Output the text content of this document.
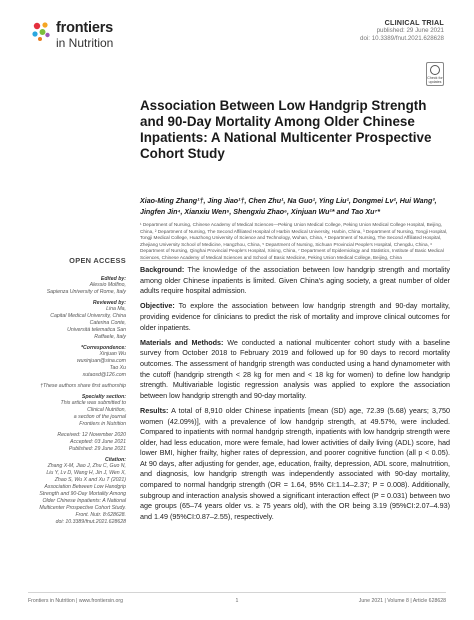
frontiers
in Nutrition
CLINICAL TRIAL
published: 29 June 2021
doi: 10.3389/fnut.2021.628628
Check for updates
Association Between Low Handgrip Strength and 90-Day Mortality Among Older Chinese Inpatients: A National Multicenter Prospective Cohort Study
Xiao-Ming Zhang¹†, Jing Jiao¹†, Chen Zhu¹, Na Guo¹, Ying Liu¹, Dongmei Lv², Hui Wang³, Jingfen Jin⁴, Xianxiu Wen⁵, Shengxiu Zhao⁶, Xinjuan Wu¹* and Tao Xu⁷*
¹ Department of Nursing, Chinese Academy of Medical Sciences—Peking Union Medical College, Peking Union Medical College Hospital, Beijing, China, ² Department of Nursing, The Second Affiliated Hospital of Harbin Medical University, Harbin, China, ³ Department of Nursing, Tongji Hospital, Tongji Medical College, Huazhong University of Science and Technology, Wuhan, China, ⁴ Department of Nursing, The Second Affiliated Hospital, Zhejiang University School of Medicine, Hangzhou, China, ⁵ Department of Nursing, Sichuan Provincial People's Hospital, Chengdu, China, ⁶ Department of Nursing, Qinghai Provincial People's Hospital, Xining, China, ⁷ Department of Epidemiology and Statistics, Institute of Basic Medical Sciences, Chinese Academy of Medical Sciences and School of Basic Medicine, Peking Union Medical College, Beijing, China

Background: The knowledge of the association between low handgrip strength and mortality among older Chinese inpatients is limited. Given China's aging society, a great number of older adults require hospital admission.

Objective: To explore the association between low handgrip strength and 90-day mortality, providing evidence for clinicians to predict the risk of mortality and improve clinical outcomes for older inpatients.

Materials and Methods: We conducted a national multicenter cohort study with a baseline survey from October 2018 to February 2019 and followed up for 90 days to record mortality outcomes. The assessment of handgrip strength was conducted using a hand dynamometer with the cutoff (handgrip strength < 28 kg for men and < 18 kg for women) to define low handgrip strength. Multivariable logistic regression analysis was applied to explore the association between low handgrip strength and 90-day mortality.

Results: A total of 8,910 older Chinese inpatients [mean (SD) age, 72.39 (5.68) years; 3,750 women (42.09%)], with a prevalence of low handgrip strength, at 49.57%, were included. Compared to inpatients with normal handgrip strength, inpatients with low handgrip strength were older, had less education, more were female, had lower activities of daily living (ADL) score, had lower BMI, higher frailty, higher rates of depression, and poorer cognitive function (all p < 0.05). At 90 days, after adjusting for gender, age, education, frailty, depression, ADL score, malnutrition, and diagnosis, low handgrip strength was independently associated with 90-day mortality, compared to normal handgrip strength (OR = 1.64, 95% CI:1.14–2.37; P = 0.008). Additionally, subgroup and interaction analysis showed a significant interaction effect (P = 0.031) between two age groups (65–74 years older vs. ≥ 75 years old), with the OR being 3.19 (95%CI:2.07–4.93) and 1.49 (95%CI:0.87–2.55), respectively.

OPEN ACCESS
Edited by:
Alessio Molfino,
Sapienza University of Rome, Italy
Reviewed by:
Lina Ma,
Capital Medical University, China
Caterina Conte,
Università telematica San
Raffaele, Italy
*Correspondence:
Xinjuan Wu
wuxinjuan@sina.com
Tao Xu
xutaosd@126.com
†These authors share first authorship
Specialty section:
This article was submitted to
Clinical Nutrition,
a section of the journal
Frontiers in Nutrition
Received: 12 November 2020
Accepted: 03 June 2021
Published: 29 June 2021
Citation:
Zhang X-M, Jiao J, Zhu C, Guo N,
Liu Y, Lv D, Wang H, Jin J, Wen X,
Zhao S, Wu X and Xu T (2021)
Association Between Low Handgrip
Strength and 90-Day Mortality Among
Older Chinese Inpatients: A National
Multicenter Prospective Cohort Study.
Front. Nutr. 8:628628.
doi: 10.3389/fnut.2021.628628
Frontiers in Nutrition | www.frontiersin.org	1	June 2021 | Volume 8 | Article 628628
